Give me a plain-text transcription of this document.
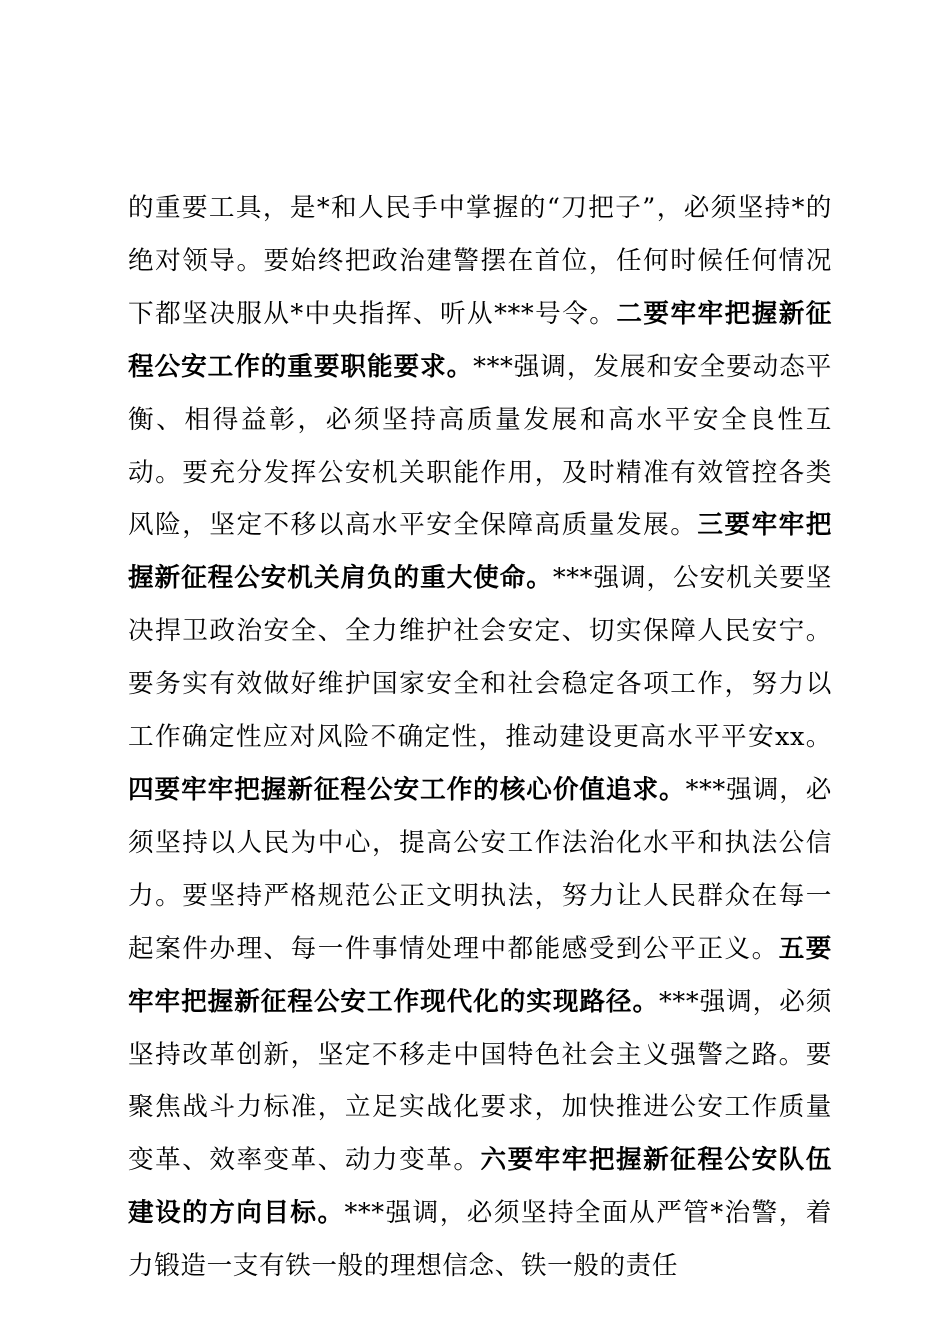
的重要工具，是*和人民手中掌握的“刀把子”，必须坚持*的绝对领导。要始终把政治建警摆在首位，任何时候任何情况下都坚决服从*中央指挥、听从***号令。二要牢牢把握新征程公安工作的重要职能要求。***强调，发展和安全要动态平衡、相得益彰，必须坚持高质量发展和高水平安全良性互动。要充分发挥公安机关职能作用，及时精准有效管控各类风险，坚定不移以高水平安全保障高质量发展。三要牢牢把握新征程公安机关肩负的重大使命。***强调，公安机关要坚决捍卫政治安全、全力维护社会安定、切实保障人民安宁。要务实有效做好维护国家安全和社会稳定各项工作，努力以工作确定性应对风险不确定性，推动建设更高水平平安xx。四要牢牢把握新征程公安工作的核心价值追求。***强调，必须坚持以人民为中心，提高公安工作法治化水平和执法公信力。要坚持严格规范公正文明执法，努力让人民群众在每一起案件办理、每一件事情处理中都能感受到公平正义。五要牢牢把握新征程公安工作现代化的实现路径。***强调，必须坚持改革创新，坚定不移走中国特色社会主义强警之路。要聚焦战斗力标准，立足实战化要求，加快推进公安工作质量变革、效率变革、动力变革。六要牢牢把握新征程公安队伍建设的方向目标。***强调，必须坚持全面从严管*治警，着力锻造一支有铁一般的理想信念、铁一般的责任
